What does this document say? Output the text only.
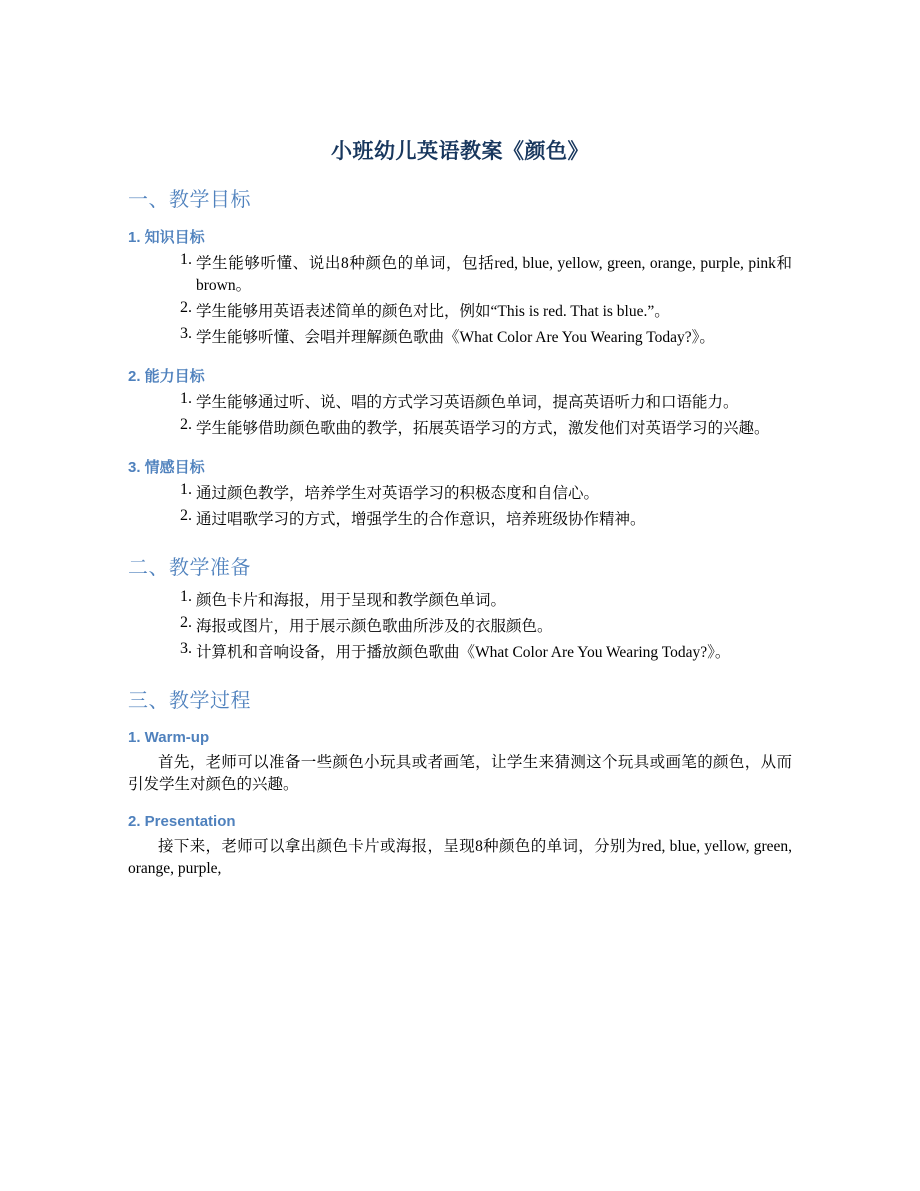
小班幼儿英语教案《颜色》
一、教学目标
1. 知识目标
1. 学生能够听懂、说出8种颜色的单词，包括red, blue, yellow, green, orange, purple, pink和brown。
2. 学生能够用英语表述简单的颜色对比，例如“This is red. That is blue.”。
3. 学生能够听懂、会唱并理解颜色歌曲《What Color Are You Wearing Today?》。
2. 能力目标
1. 学生能够通过听、说、唱的方式学习英语颜色单词，提高英语听力和口语能力。
2. 学生能够借助颜色歌曲的教学，拓展英语学习的方式，激发他们对英语学习的兴趣。
3. 情感目标
1. 通过颜色教学，培养学生对英语学习的积极态度和自信心。
2. 通过唱歌学习的方式，增强学生的合作意识，培养班级协作精神。
二、教学准备
1. 颜色卡片和海报，用于呈现和教学颜色单词。
2. 海报或图片，用于展示颜色歌曲所涉及的衣服颜色。
3. 计算机和音响设备，用于播放颜色歌曲《What Color Are You Wearing Today?》。
三、教学过程
1. Warm-up
首先，老师可以准备一些颜色小玩具或者画笔，让学生来猜测这个玩具或画笔的颜色，从而引发学生对颜色的兴趣。
2. Presentation
接下来，老师可以拿出颜色卡片或海报，呈现8种颜色的单词，分别为red, blue, yellow, green, orange, purple,
